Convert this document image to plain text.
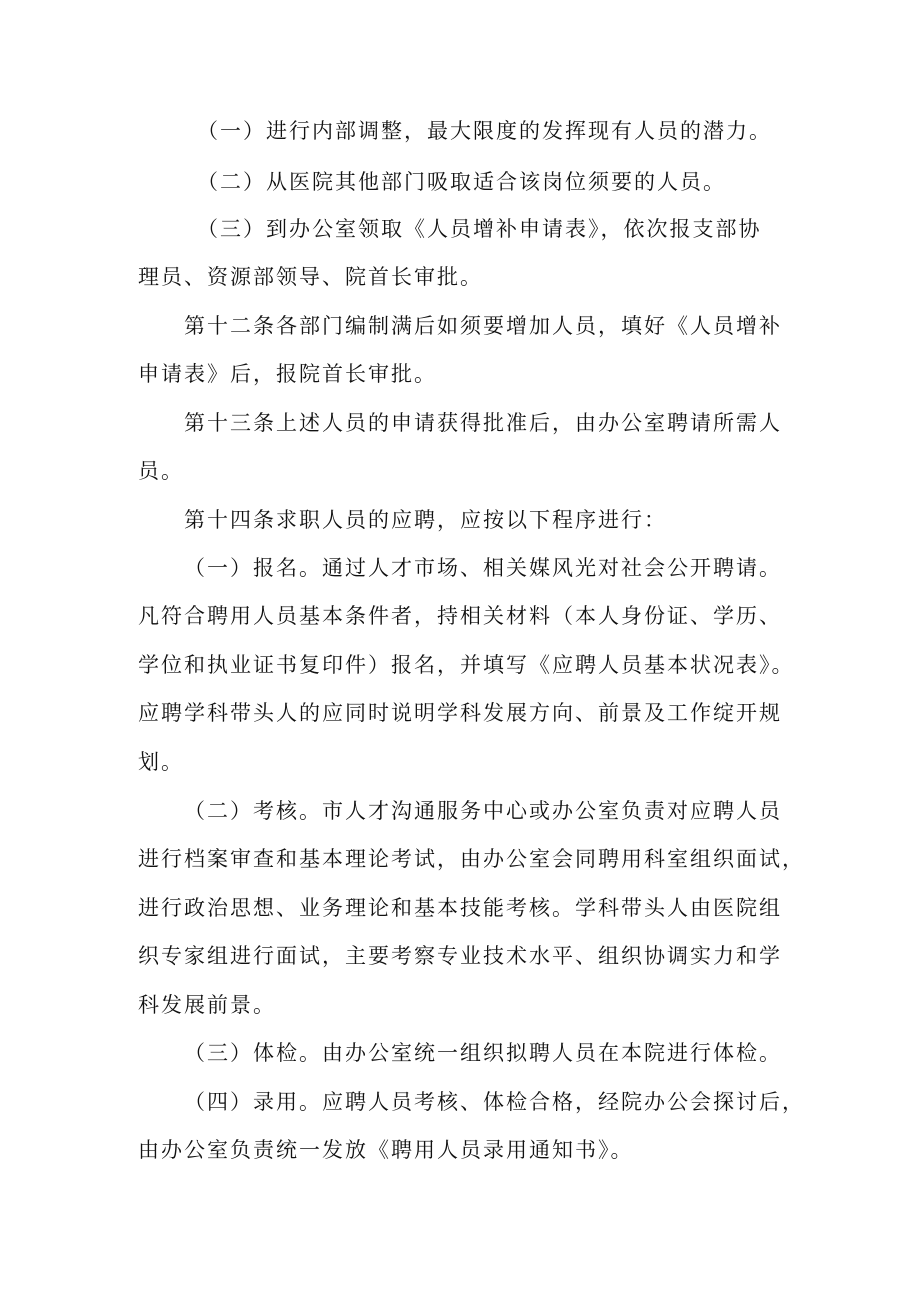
（一）进行内部调整，最大限度的发挥现有人员的潜力。
（二）从医院其他部门吸取适合该岗位须要的人员。
（三）到办公室领取《人员增补申请表》，依次报支部协
理员、资源部领导、院首长审批。
第十二条各部门编制满后如须要增加人员，填好《人员增补
申请表》后，报院首长审批。
第十三条上述人员的申请获得批准后，由办公室聘请所需人
员。
第十四条求职人员的应聘，应按以下程序进行：
（一）报名。通过人才市场、相关媒风光对社会公开聘请。
凡符合聘用人员基本条件者，持相关材料（本人身份证、学历、
学位和执业证书复印件）报名，并填写《应聘人员基本状况表》。
应聘学科带头人的应同时说明学科发展方向、前景及工作绽开规
划。
（二）考核。市人才沟通服务中心或办公室负责对应聘人员
进行档案审查和基本理论考试，由办公室会同聘用科室组织面试，
进行政治思想、业务理论和基本技能考核。学科带头人由医院组
织专家组进行面试，主要考察专业技术水平、组织协调实力和学
科发展前景。
（三）体检。由办公室统一组织拟聘人员在本院进行体检。
（四）录用。应聘人员考核、体检合格，经院办公会探讨后，
由办公室负责统一发放《聘用人员录用通知书》。
